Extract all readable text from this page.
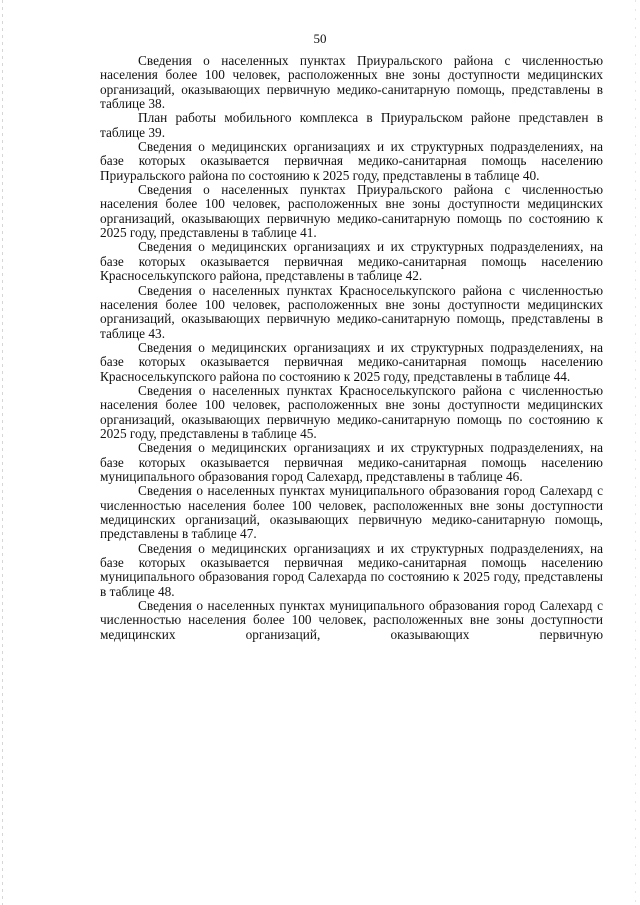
50

Сведения о населенных пунктах Приуральского района с численностью населения более 100 человек, расположенных вне зоны доступности медицинских организаций, оказывающих первичную медико-санитарную помощь, представлены в таблице 38.

План работы мобильного комплекса в Приуральском районе представлен в таблице 39.

Сведения о медицинских организациях и их структурных подразделениях, на базе которых оказывается первичная медико-санитарная помощь населению Приуральского района по состоянию к 2025 году, представлены в таблице 40.

Сведения о населенных пунктах Приуральского района с численностью населения более 100 человек, расположенных вне зоны доступности медицинских организаций, оказывающих первичную медико-санитарную помощь по состоянию к 2025 году, представлены в таблице 41.

Сведения о медицинских организациях и их структурных подразделениях, на базе которых оказывается первичная медико-санитарная помощь населению Красноселькупского района, представлены в таблице 42.

Сведения о населенных пунктах Красноселькупского района с численностью населения более 100 человек, расположенных вне зоны доступности медицинских организаций, оказывающих первичную медико-санитарную помощь, представлены в таблице 43.

Сведения о медицинских организациях и их структурных подразделениях, на базе которых оказывается первичная медико-санитарная помощь населению Красноселькупского района по состоянию к 2025 году, представлены в таблице 44.

Сведения о населенных пунктах Красноселькупского района с численностью населения более 100 человек, расположенных вне зоны доступности медицинских организаций, оказывающих первичную медико-санитарную помощь по состоянию к 2025 году, представлены в таблице 45.

Сведения о медицинских организациях и их структурных подразделениях, на базе которых оказывается первичная медико-санитарная помощь населению муниципального образования город Салехард, представлены в таблице 46.

Сведения о населенных пунктах муниципального образования город Салехард с численностью населения более 100 человек, расположенных вне зоны доступности медицинских организаций, оказывающих первичную медико-санитарную помощь, представлены в таблице 47.

Сведения о медицинских организациях и их структурных подразделениях, на базе которых оказывается первичная медико-санитарная помощь населению муниципального образования город Салехарда по состоянию к 2025 году, представлены в таблице 48.

Сведения о населенных пунктах муниципального образования город Салехард с численностью населения более 100 человек, расположенных вне зоны доступности медицинских организаций, оказывающих первичную
